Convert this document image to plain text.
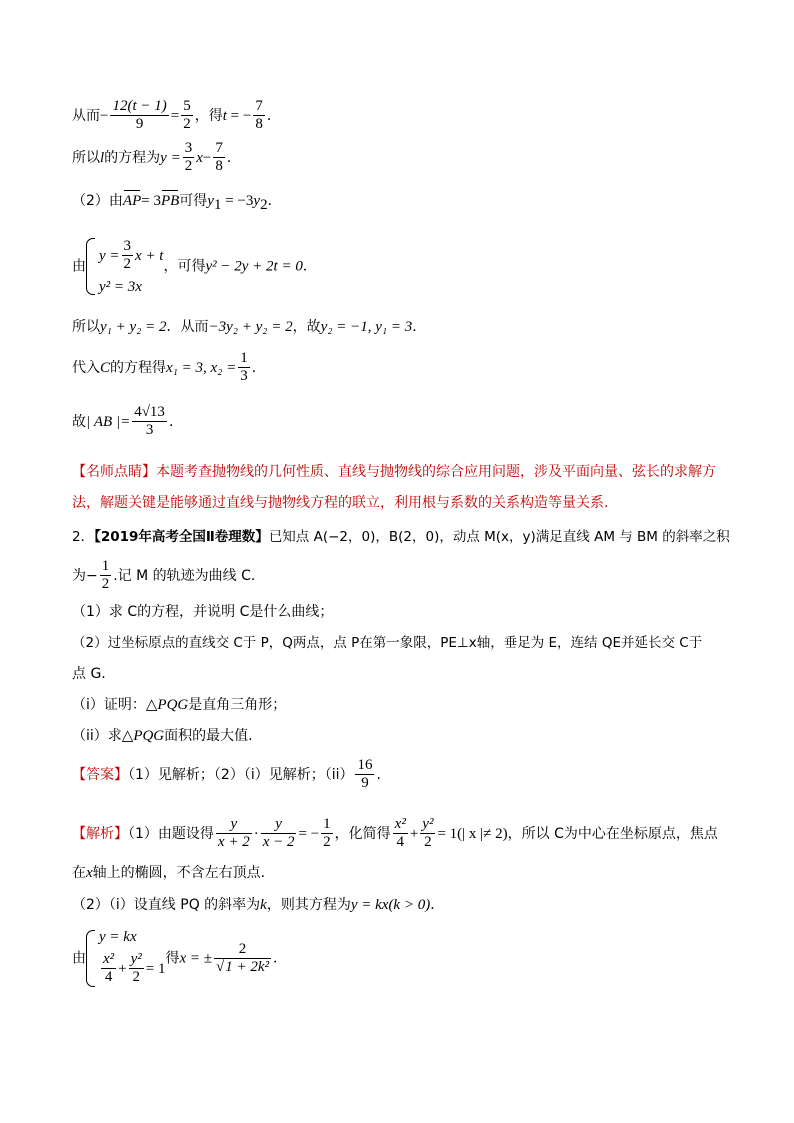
从而− $\frac{12(t - 1)}{9} = \frac{5}{2}$ ，得t = − $\frac{7}{8}$ ．
所以l的方程为$y = \frac{3}{2} x- \frac{7}{8}$ ．
（2）由AP= 3PB可得$y_1 = -3y_2$．
由
$y = \frac{3}{2}$ x + t
y² = 3x
，可得y² − 2y + 2t = 0．
所以y₁ + y₂ = 2．从而−3y₂ + y₂ = 2，故y₂ = −1, y₁ = 3．
代入C的方程得x₁ = 3, $x_2 = \frac{1}{3}$ ．
故| AB |= $\frac{4√13}{3}$ ．
【名师点睛】本题考查抛物线的几何性质、直线与抛物线的综合应用问题，涉及平面向量、弦长的求解方
法，解题关键是能够通过直线与抛物线方程的联立，利用根与系数的关系构造等量关系.
2．【2019年高考全国Ⅱ卷理数】已知点 A(−2，0)，B(2，0)，动点 M(x，y)满足直线 AM 与 BM 的斜率之积
为− $\frac{1}{2}$ .记 M 的轨迹为曲线 C.
（1）求 C的方程，并说明 C是什么曲线；
（2）过坐标原点的直线交 C于 P，Q两点，点 P在第一象限，PE⊥x轴，垂足为 E，连结 QE并延长交 C于
点 G.
（i）证明：△PQG是直角三角形；
（ii）求△PQG面积的最大值.
【答案】（1）见解析；（2）（i）见解析；$(ii) \frac{16}{9}$ .
【解析】（1）由题设得 $\frac{y}{x + 2} \cdot \frac{y}{x - 2}$ = − $\frac{1}{2}$ ，化简得 $\frac{\text{x²}}{4} + \frac{\text{y²}}{2} = 1(|$ x |≠ 2)，所以 C为中心在坐标原点，焦点
在x轴上的椭圆，不含左右顶点．
（2）（i）设直线 PQ 的斜率为k，则其方程为y = kx(k > 0)．
由
y = kx
$\frac{\text{x²}}{4} + \frac{\text{y²}}{2} = 1$
得x = ± $\frac{2}{\text{√1 + 2k²}}$ ．
